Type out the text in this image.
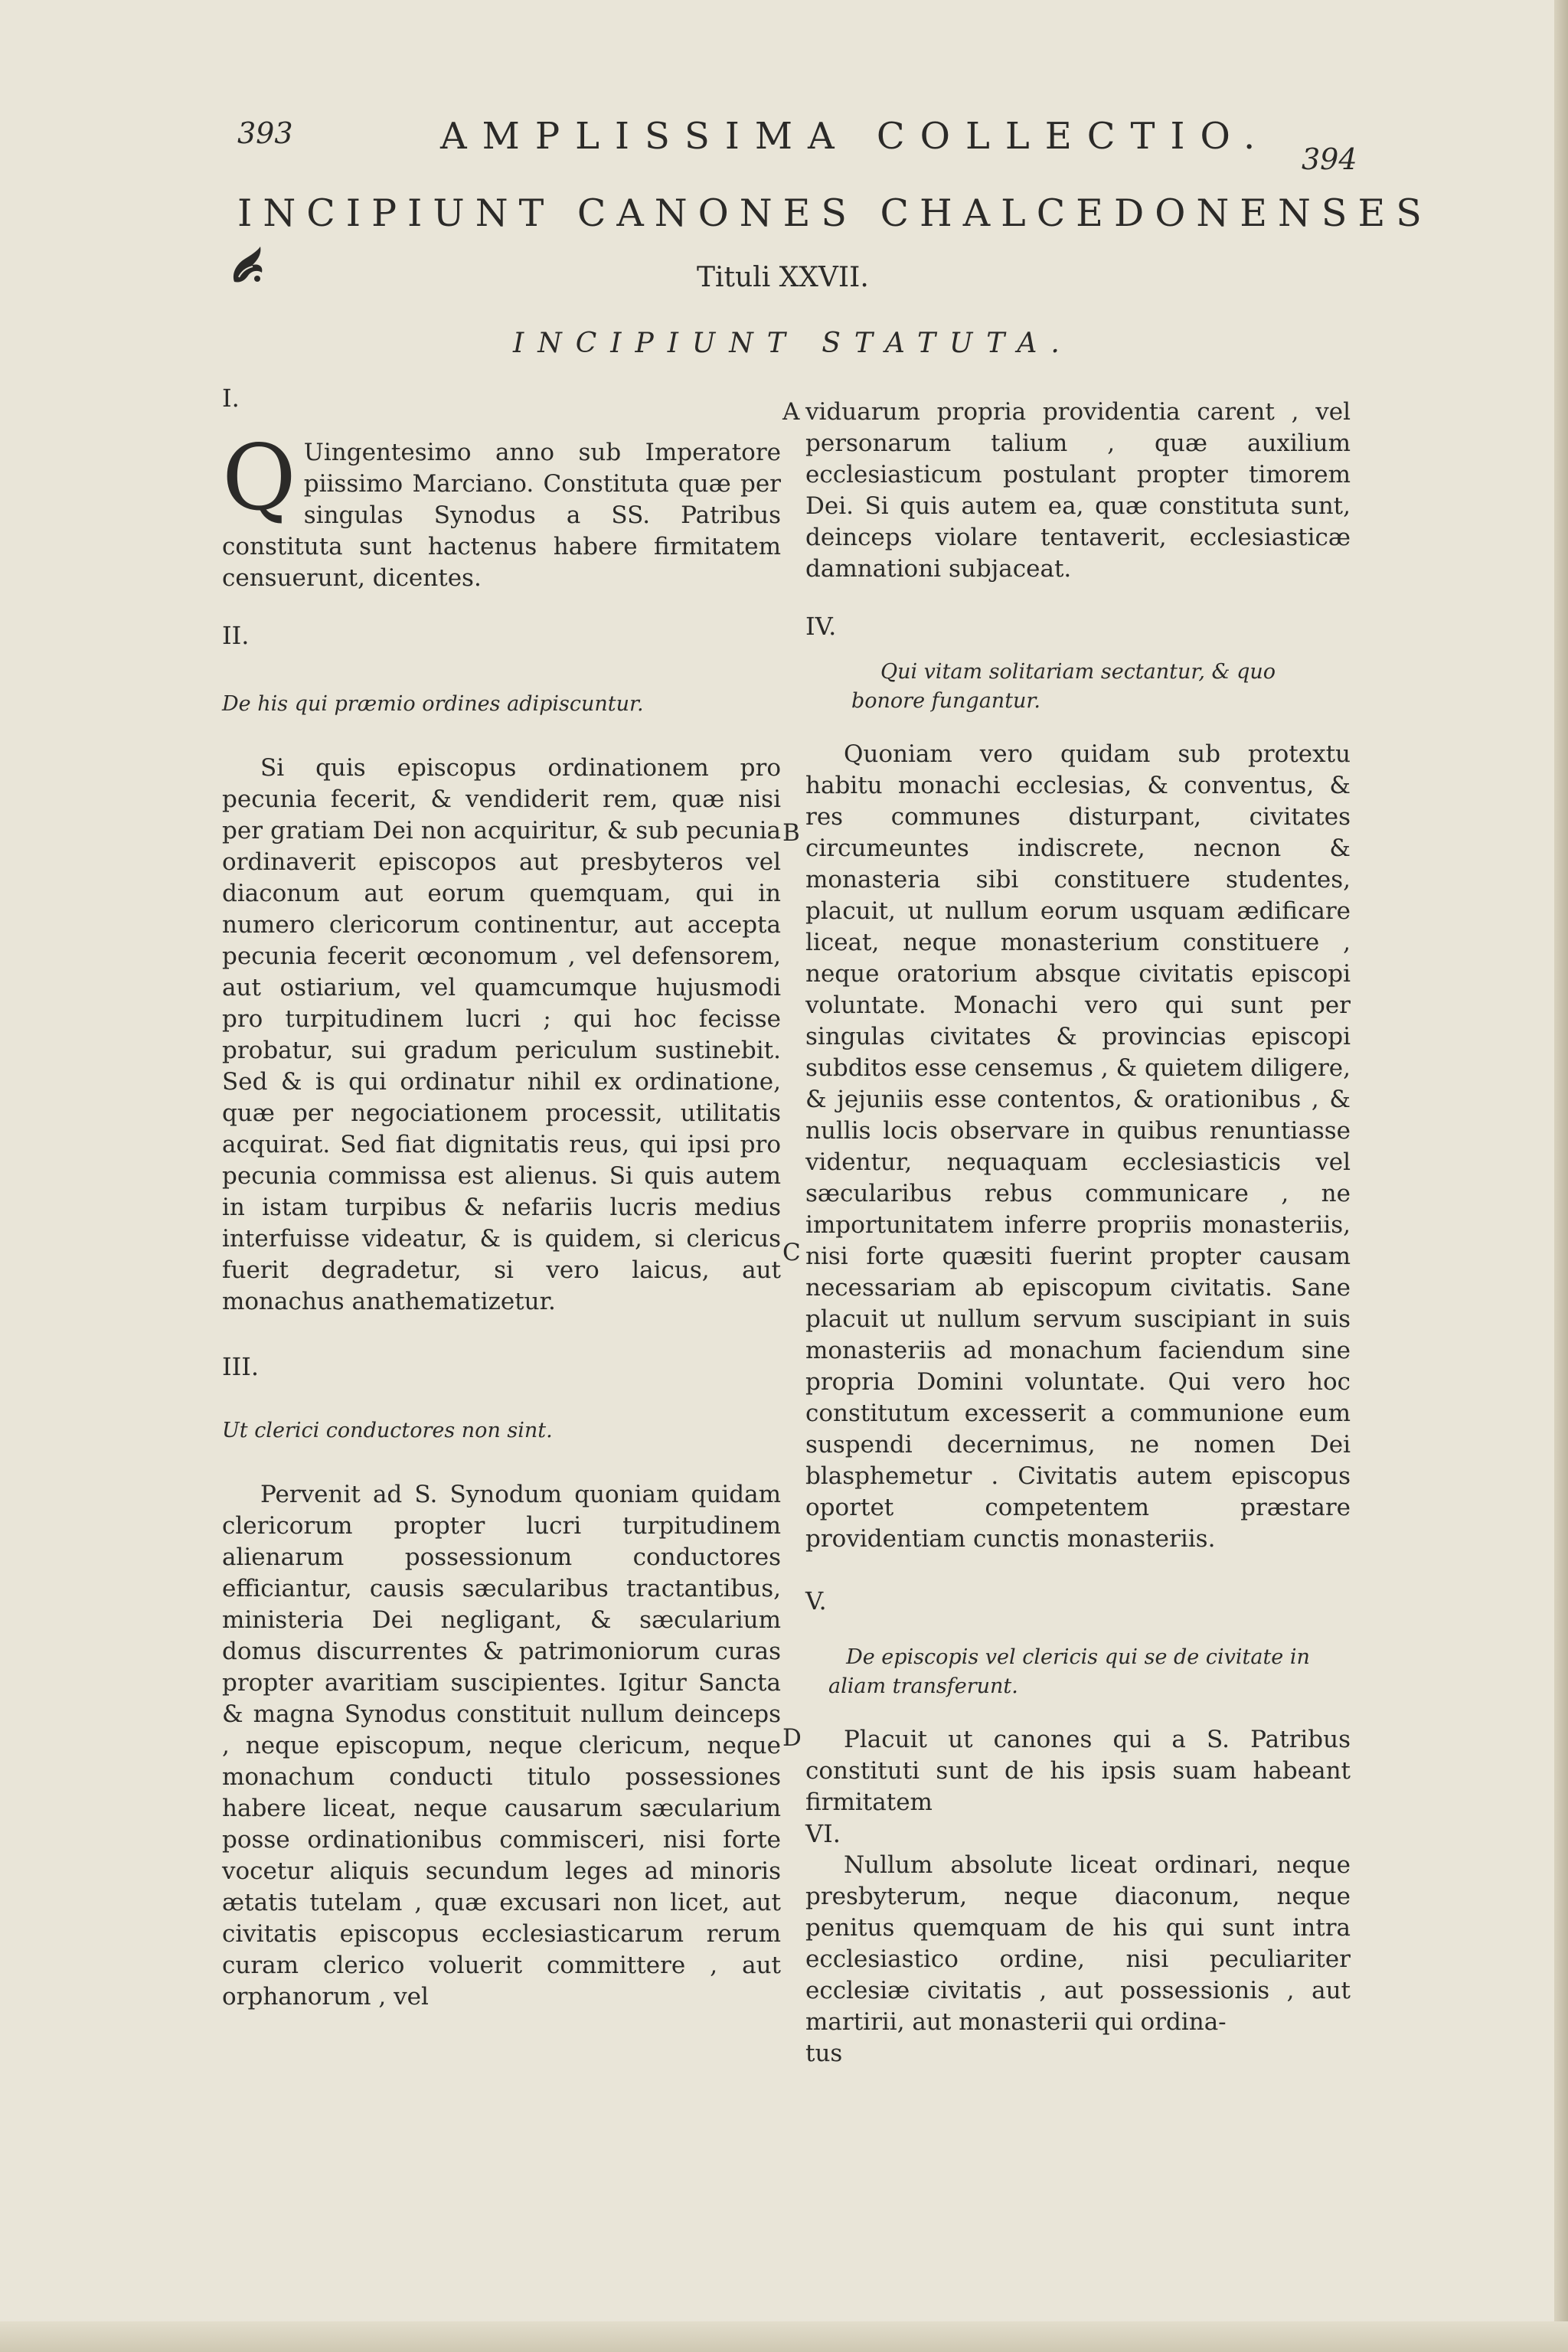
393	AMPLISSIMA COLLECTIO.
394
INCIPIUNT CANONES CHALCEDONENSES
Tituli XXVII.
INCIPIUNT STATUTA.

I.

Q Uingentesimo anno sub Imperatore piissimo Marciano. Constituta quæ per singulas Synodus a SS. Patribus constituta sunt hactenus habere firmitatem censuerunt, dicentes.

II.

De his qui præmio ordines adipiscuntur.

Si quis episcopus ordinationem pro pecunia fecerit, & vendiderit rem, quæ nisi per gratiam Dei non acquiritur, & sub pecunia ordinaverit episcopos aut presbyteros vel diaconum aut eorum quemquam, qui in numero clericorum continentur, aut accepta pecunia fecerit œconomum , vel defensorem, aut ostiarium, vel quamcumque hujusmodi pro turpitudinem lucri ; qui hoc fecisse probatur, sui gradum periculum sustinebit. Sed & is qui ordinatur nihil ex ordinatione, quæ per negociationem processit, utilitatis acquirat. Sed fiat dignitatis reus, qui ipsi pro pecunia commissa est alienus. Si quis autem in istam turpibus & nefariis lucris medius interfuisse videatur, & is quidem, si clericus fuerit degradetur, si vero laicus, aut monachus anathematizetur.

III.

Ut clerici conductores non sint.

Pervenit ad S. Synodum quoniam quidam clericorum propter lucri turpitudinem alienarum possessionum conductores efficiantur, causis sæcularibus tractantibus, ministeria Dei negligant, & sæcularium domus discurrentes & patrimoniorum curas propter avaritiam suscipientes. Igitur Sancta & magna Synodus constituit nullum deinceps , neque episcopum, neque clericum, neque monachum conducti titulo possessiones habere liceat, neque causarum sæcularium posse ordinationibus commisceri, nisi forte vocetur aliquis secundum leges ad minoris ætatis tutelam , quæ excusari non licet, aut civitatis episcopus ecclesiasticarum rerum curam clerico voluerit committere , aut orphanorum , vel

viduarum propria providentia carent , vel personarum talium , quæ auxilium ecclesiasticum postulant propter timorem Dei. Si quis autem ea, quæ constituta sunt, deinceps violare tentaverit, ecclesiasticæ damnationi subjaceat.

IV.

Qui vitam solitariam sectantur, & quo bonore fungantur.

Quoniam vero quidam sub protextu habitu monachi ecclesias, & conventus, & res communes disturpant, civitates circumeuntes indiscrete, necnon & monasteria sibi constituere studentes, placuit, ut nullum eorum usquam ædificare liceat, neque monasterium constituere , neque oratorium absque civitatis episcopi voluntate. Monachi vero qui sunt per singulas civitates & provincias episcopi subditos esse censemus , & quietem diligere, & jejuniis esse contentos, & orationibus , & nullis locis observare in quibus renuntiasse videntur, nequaquam ecclesiasticis vel sæcularibus rebus communicare , ne importunitatem inferre propriis monasteriis, nisi forte quæsiti fuerint propter causam necessariam ab episcopum civitatis. Sane placuit ut nullum servum suscipiant in suis monasteriis ad monachum faciendum sine propria Domini voluntate. Qui vero hoc constitutum excesserit a communione eum suspendi decernimus, ne nomen Dei blasphemetur . Civitatis autem episcopus oportet competentem præstare providentiam cunctis monasteriis.

V.

De episcopis vel clericis qui se de civitate in aliam transferunt.

Placuit ut canones qui a S. Patribus constituti sunt de his ipsis suam habeant firmitatem

VI.

Nullum absolute liceat ordinari, neque presbyterum, neque diaconum, neque penitus quemquam de his qui sunt intra ecclesiastico ordine, nisi peculiariter ecclesiæ civitatis , aut possessionis , aut martirii, aut monasterii qui ordina-

tus

A
B
C
D
